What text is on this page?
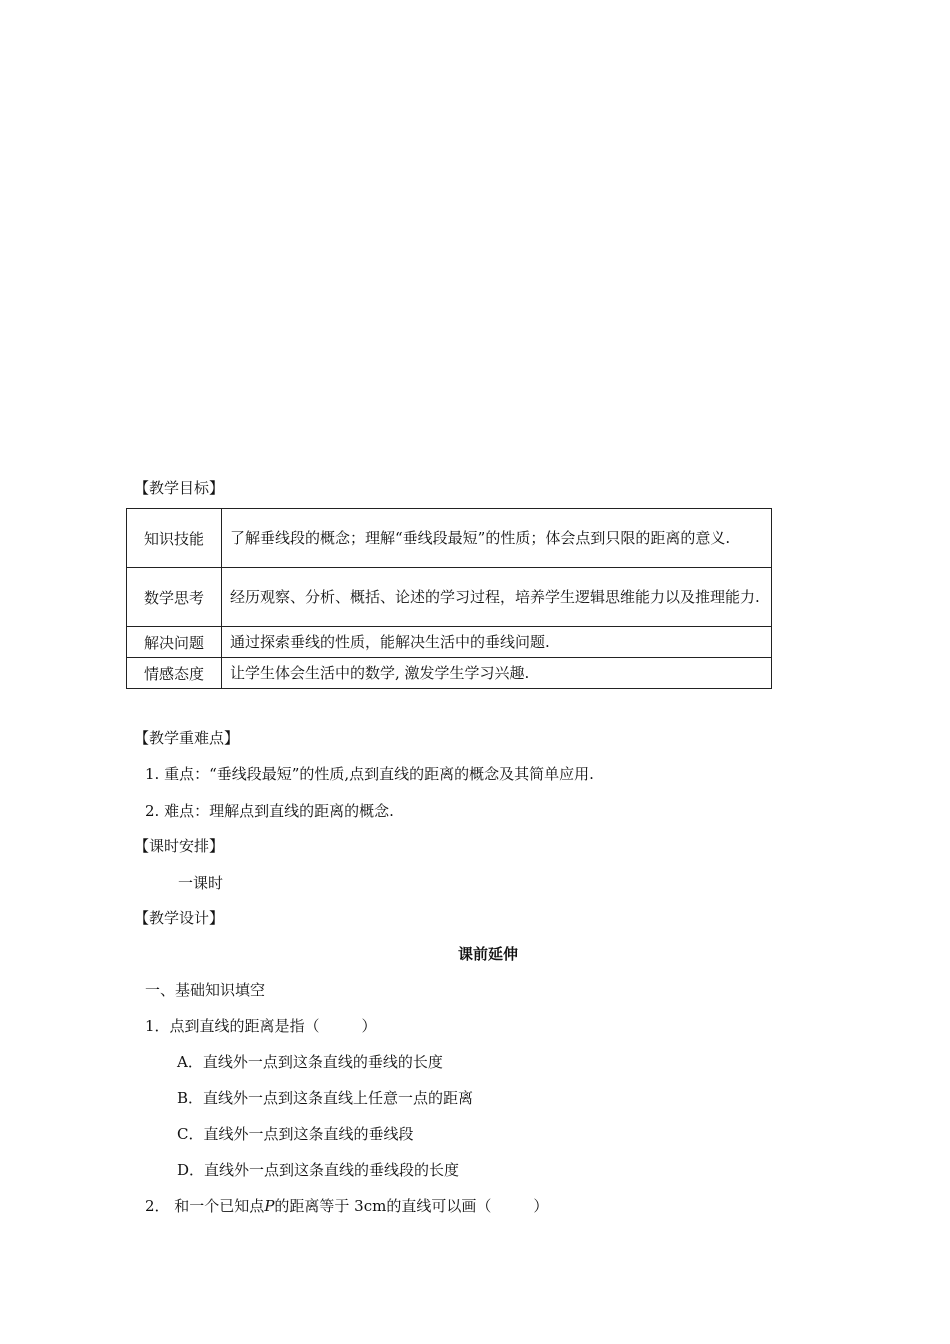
【教学目标】
知识技能	了解垂线段的概念；理解“垂线段最短”的性质；体会点到只限的距离的意义.
数学思考	经历观察、分析、概括、论述的学习过程，培养学生逻辑思维能力以及推理能力.
解决问题	通过探索垂线的性质，能解决生活中的垂线问题.
情感态度	让学生体会生活中的数学, 激发学生学习兴趣.
【教学重难点】
1. 重点：“垂线段最短”的性质,点到直线的距离的概念及其简单应用.
2. 难点：理解点到直线的距离的概念.
【课时安排】
一课时
【教学设计】
课前延伸
一、基础知识填空
1．点到直线的距离是指（	）
A．直线外一点到这条直线的垂线的长度
B．直线外一点到这条直线上任意一点的距离
C．直线外一点到这条直线的垂线段
D．直线外一点到这条直线的垂线段的长度
2． 和一个已知点P的距离等于 3cm的直线可以画（	）
